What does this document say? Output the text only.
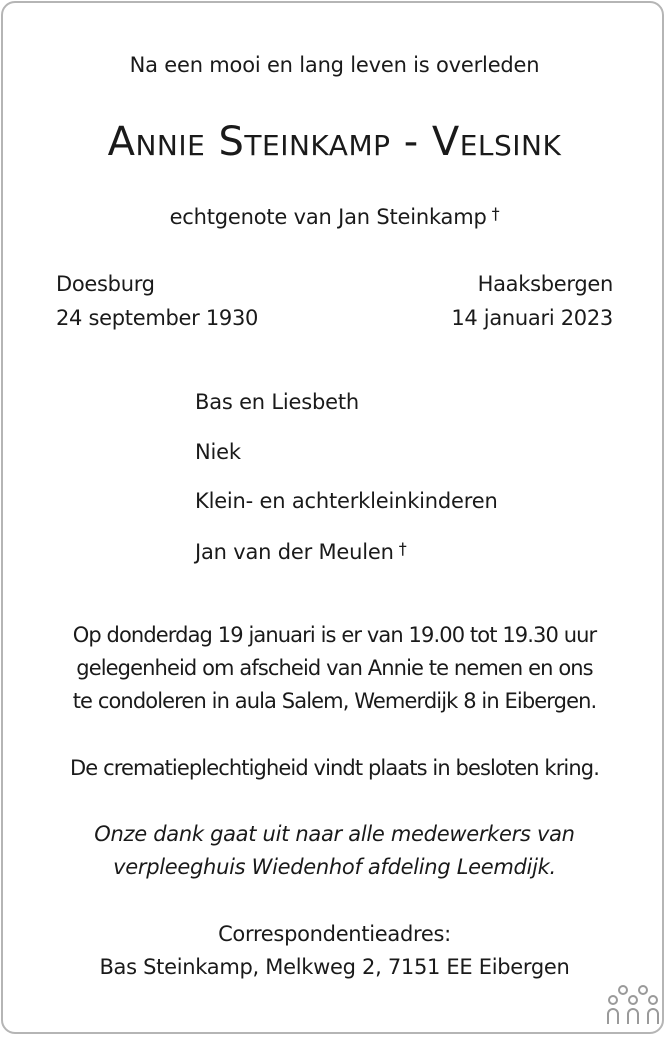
Na een mooi en lang leven is overleden
Annie Steinkamp - Velsink
echtgenote van Jan Steinkamp †
Doesburg
24 september 1930
Haaksbergen
14 januari 2023
Bas en Liesbeth
Niek
Klein- en achterkleinkinderen
Jan van der Meulen †
Op donderdag 19 januari is er van 19.00 tot 19.30 uur
gelegenheid om afscheid van Annie te nemen en ons
te condoleren in aula Salem, Wemerdijk 8 in Eibergen.
De crematieplechtigheid vindt plaats in besloten kring.
Onze dank gaat uit naar alle medewerkers van
verpleeghuis Wiedenhof afdeling Leemdijk.
Correspondentieadres:
Bas Steinkamp, Melkweg 2, 7151 EE Eibergen
